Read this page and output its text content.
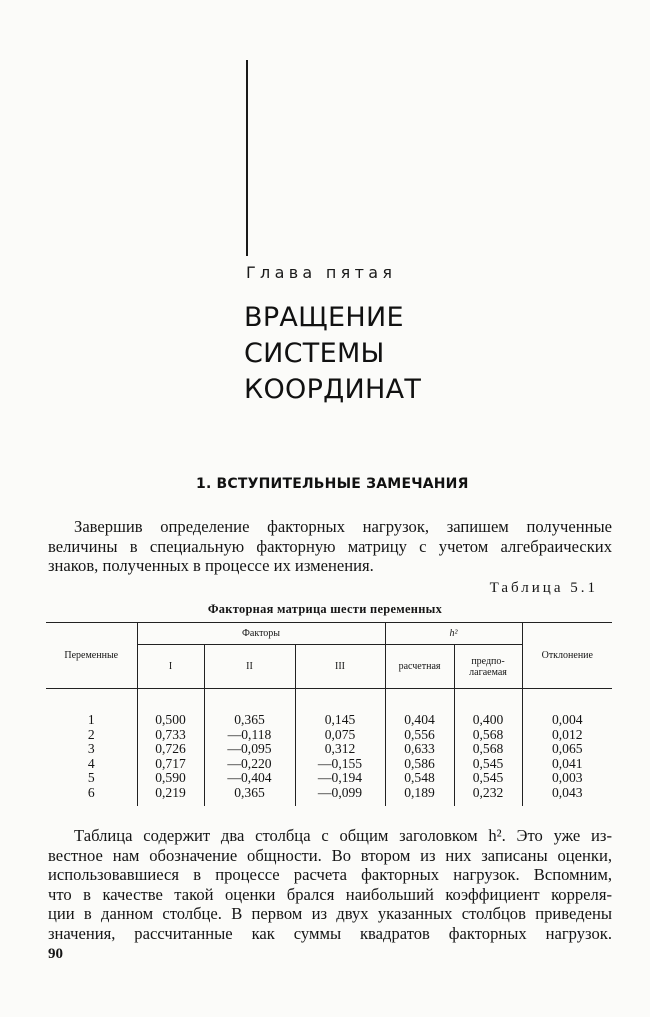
Глава пятая
ВРАЩЕНИЕ
СИСТЕМЫ
КООРДИНАТ
1. ВСТУПИТЕЛЬНЫЕ ЗАМЕЧАНИЯ
Завершив определение факторных нагрузок, запишем полученные
величины в специальную факторную матрицу с учетом алгебраических
знаков, полученных в процессе их изменения.
Таблица 5.1
Факторная матрица шести переменных
Переменные	Факторы			h²		Отклонение
	I	II	III	расчетная	предпо-
лагаемая	

1	0,500	0,365	0,145	0,404	0,400	0,004
2	0,733	—0,118	0,075	0,556	0,568	0,012
3	0,726	—0,095	0,312	0,633	0,568	0,065
4	0,717	—0,220	—0,155	0,586	0,545	0,041
5	0,590	—0,404	—0,194	0,548	0,545	0,003
6	0,219	0,365	—0,099	0,189	0,232	0,043
Таблица содержит два столбца с общим заголовком h². Это уже из-
вестное нам обозначение общности. Во втором из них записаны оценки,
использовавшиеся в процессе расчета факторных нагрузок. Вспомним,
что в качестве такой оценки брался наибольший коэффициент корреля-
ции в данном столбце. В первом из двух указанных столбцов приведены
значения, рассчитанные как суммы квадратов факторных нагрузок.
90
